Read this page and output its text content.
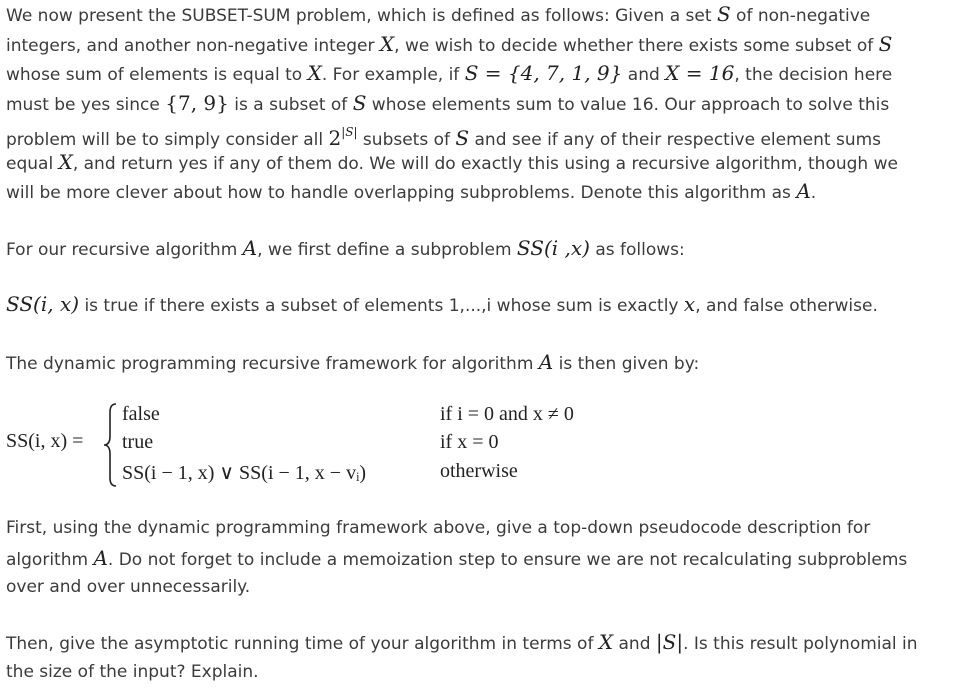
We now present the SUBSET-SUM problem, which is defined as follows: Given a set S of non-negative
integers, and another non-negative integer X, we wish to decide whether there exists some subset of S
whose sum of elements is equal to X. For example, if S = {4, 7, 1, 9} and X = 16, the decision here
must be yes since {7, 9} is a subset of S whose elements sum to value 16. Our approach to solve this
problem will be to simply consider all $2^{|S|}$ subsets of S and see if any of their respective element sums
equal X, and return yes if any of them do. We will do exactly this using a recursive algorithm, though we
will be more clever about how to handle overlapping subproblems. Denote this algorithm as A.
For our recursive algorithm A, we first define a subproblem SS(i ,x) as follows:
SS(i, x) is true if there exists a subset of elements 1,...,i whose sum is exactly x, and false otherwise.
The dynamic programming recursive framework for algorithm A is then given by:
SS(i, x) =
false	if i = 0 and x ≠ 0
true	if x = 0
SS(i − 1, x) ∨ SS(i − 1, x − vᵢ)	otherwise
First, using the dynamic programming framework above, give a top-down pseudocode description for
algorithm A. Do not forget to include a memoization step to ensure we are not recalculating subproblems
over and over unnecessarily.
Then, give the asymptotic running time of your algorithm in terms of X and |S|. Is this result polynomial in
the size of the input? Explain.
